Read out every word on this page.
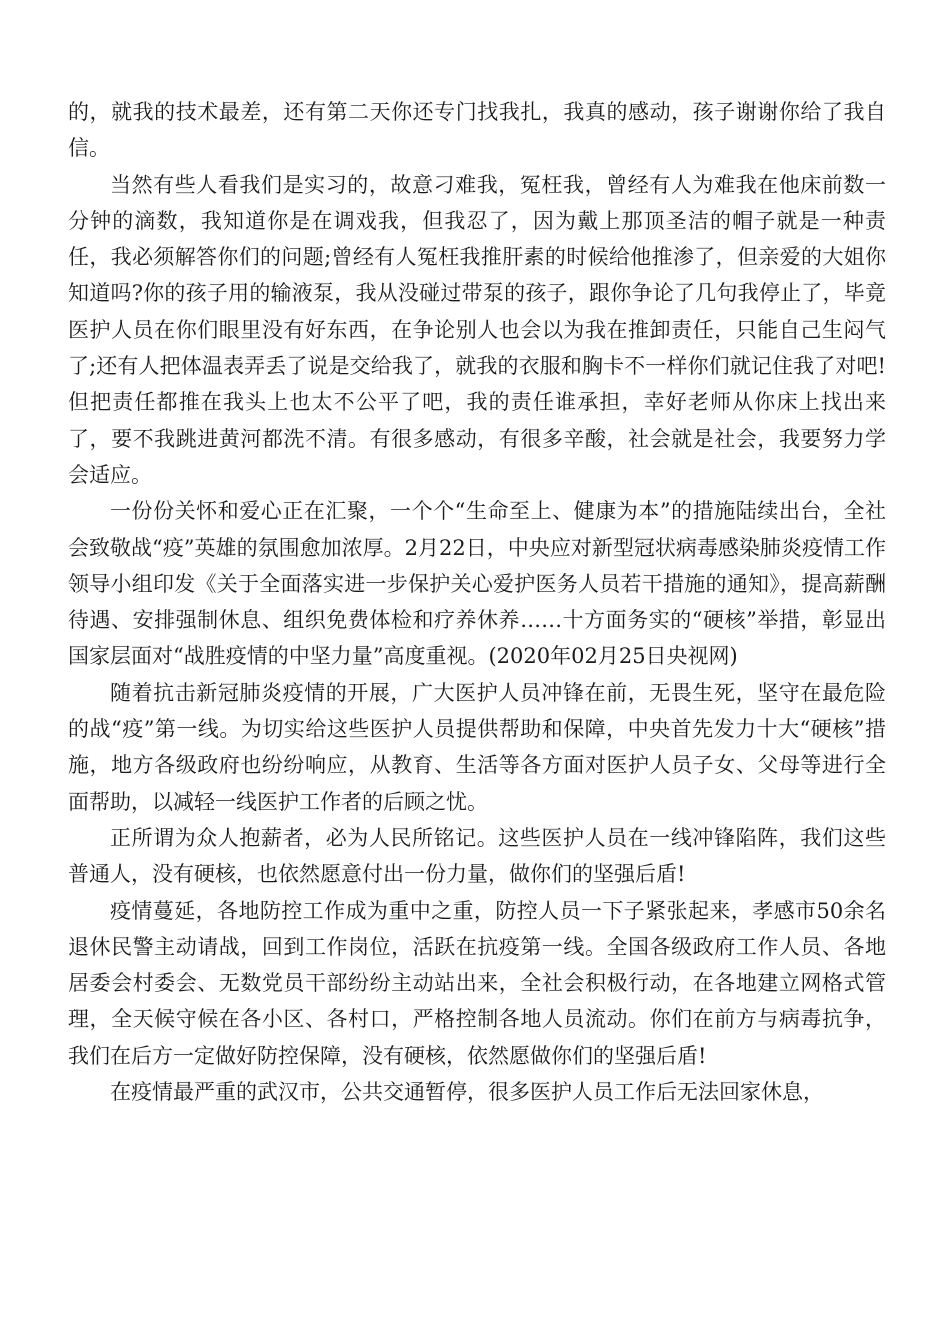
的，就我的技术最差，还有第二天你还专门找我扎，我真的感动，孩子谢谢你给了我自信。

当然有些人看我们是实习的，故意刁难我，冤枉我，曾经有人为难我在他床前数一分钟的滴数，我知道你是在调戏我，但我忍了，因为戴上那顶圣洁的帽子就是一种责任，我必须解答你们的问题;曾经有人冤枉我推肝素的时候给他推渗了，但亲爱的大姐你知道吗?你的孩子用的输液泵，我从没碰过带泵的孩子，跟你争论了几句我停止了，毕竟医护人员在你们眼里没有好东西，在争论别人也会以为我在推卸责任，只能自己生闷气了;还有人把体温表弄丢了说是交给我了，就我的衣服和胸卡不一样你们就记住我了对吧!但把责任都推在我头上也太不公平了吧，我的责任谁承担，幸好老师从你床上找出来了，要不我跳进黄河都洗不清。有很多感动，有很多辛酸，社会就是社会，我要努力学会适应。

一份份关怀和爱心正在汇聚，一个个“生命至上、健康为本”的措施陆续出台，全社会致敬战“疫”英雄的氛围愈加浓厚。2月22日，中央应对新型冠状病毒感染肺炎疫情工作领导小组印发《关于全面落实进一步保护关心爱护医务人员若干措施的通知》，提高薪酬待遇、安排强制休息、组织免费体检和疗养休养……十方面务实的“硬核”举措，彰显出国家层面对“战胜疫情的中坚力量”高度重视。(2020年02月25日央视网)

随着抗击新冠肺炎疫情的开展，广大医护人员冲锋在前，无畏生死，坚守在最危险的战“疫”第一线。为切实给这些医护人员提供帮助和保障，中央首先发力十大“硬核”措施，地方各级政府也纷纷响应，从教育、生活等各方面对医护人员子女、父母等进行全面帮助，以减轻一线医护工作者的后顾之忧。

正所谓为众人抱薪者，必为人民所铭记。这些医护人员在一线冲锋陷阵，我们这些普通人，没有硬核，也依然愿意付出一份力量，做你们的坚强后盾!

疫情蔓延，各地防控工作成为重中之重，防控人员一下子紧张起来，孝感市50余名退休民警主动请战，回到工作岗位，活跃在抗疫第一线。全国各级政府工作人员、各地居委会村委会、无数党员干部纷纷主动站出来，全社会积极行动，在各地建立网格式管理，全天候守候在各小区、各村口，严格控制各地人员流动。你们在前方与病毒抗争，我们在后方一定做好防控保障，没有硬核，依然愿做你们的坚强后盾!

在疫情最严重的武汉市，公共交通暂停，很多医护人员工作后无法回家休息，
